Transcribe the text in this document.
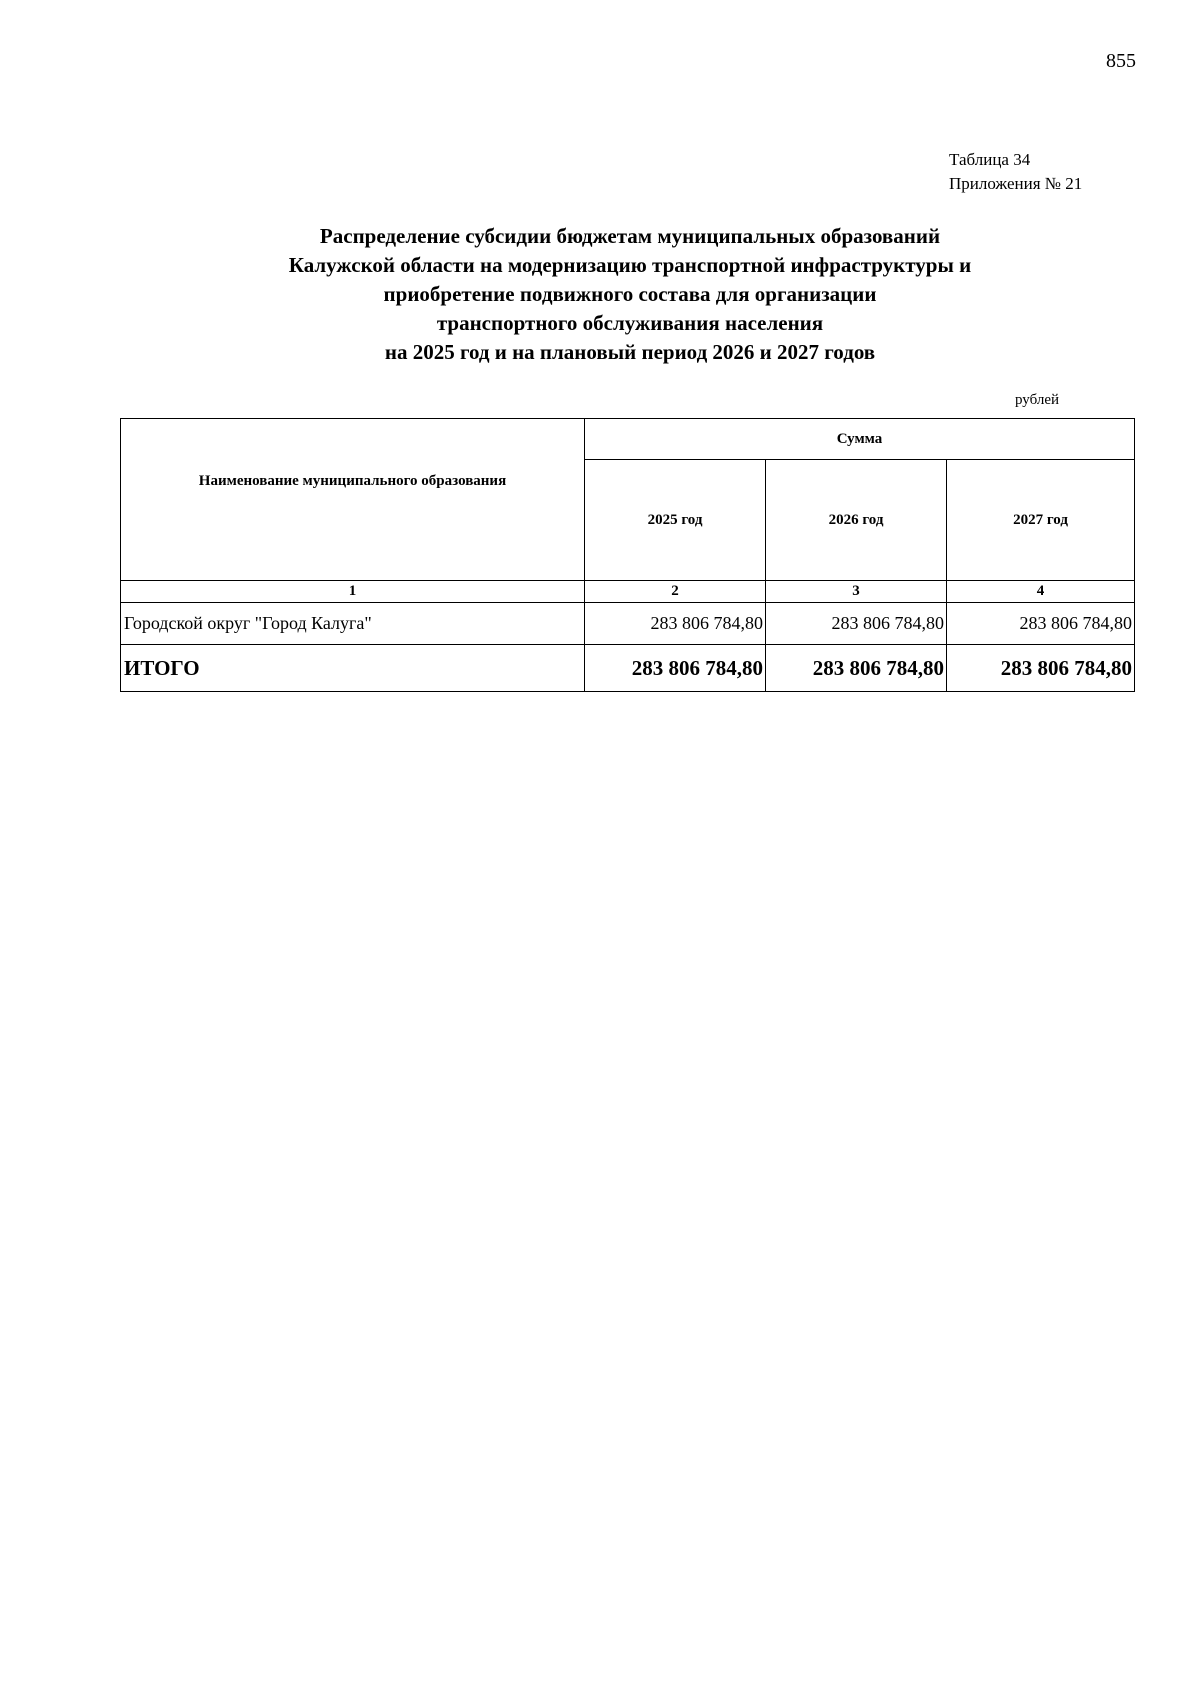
855
Таблица 34
Приложения № 21
Распределение субсидии бюджетам муниципальных образований
Калужской области на модернизацию транспортной инфраструктуры и
приобретение подвижного состава для организации
транспортного обслуживания населения
на 2025 год и на плановый период 2026 и 2027 годов
рублей
Наименование муниципального образования	Сумма		
	2025 год	2026 год	2027 год
1	2	3	4
Городской округ "Город Калуга"	283 806 784,80	283 806 784,80	283 806 784,80
ИТОГО	283 806 784,80	283 806 784,80	283 806 784,80
